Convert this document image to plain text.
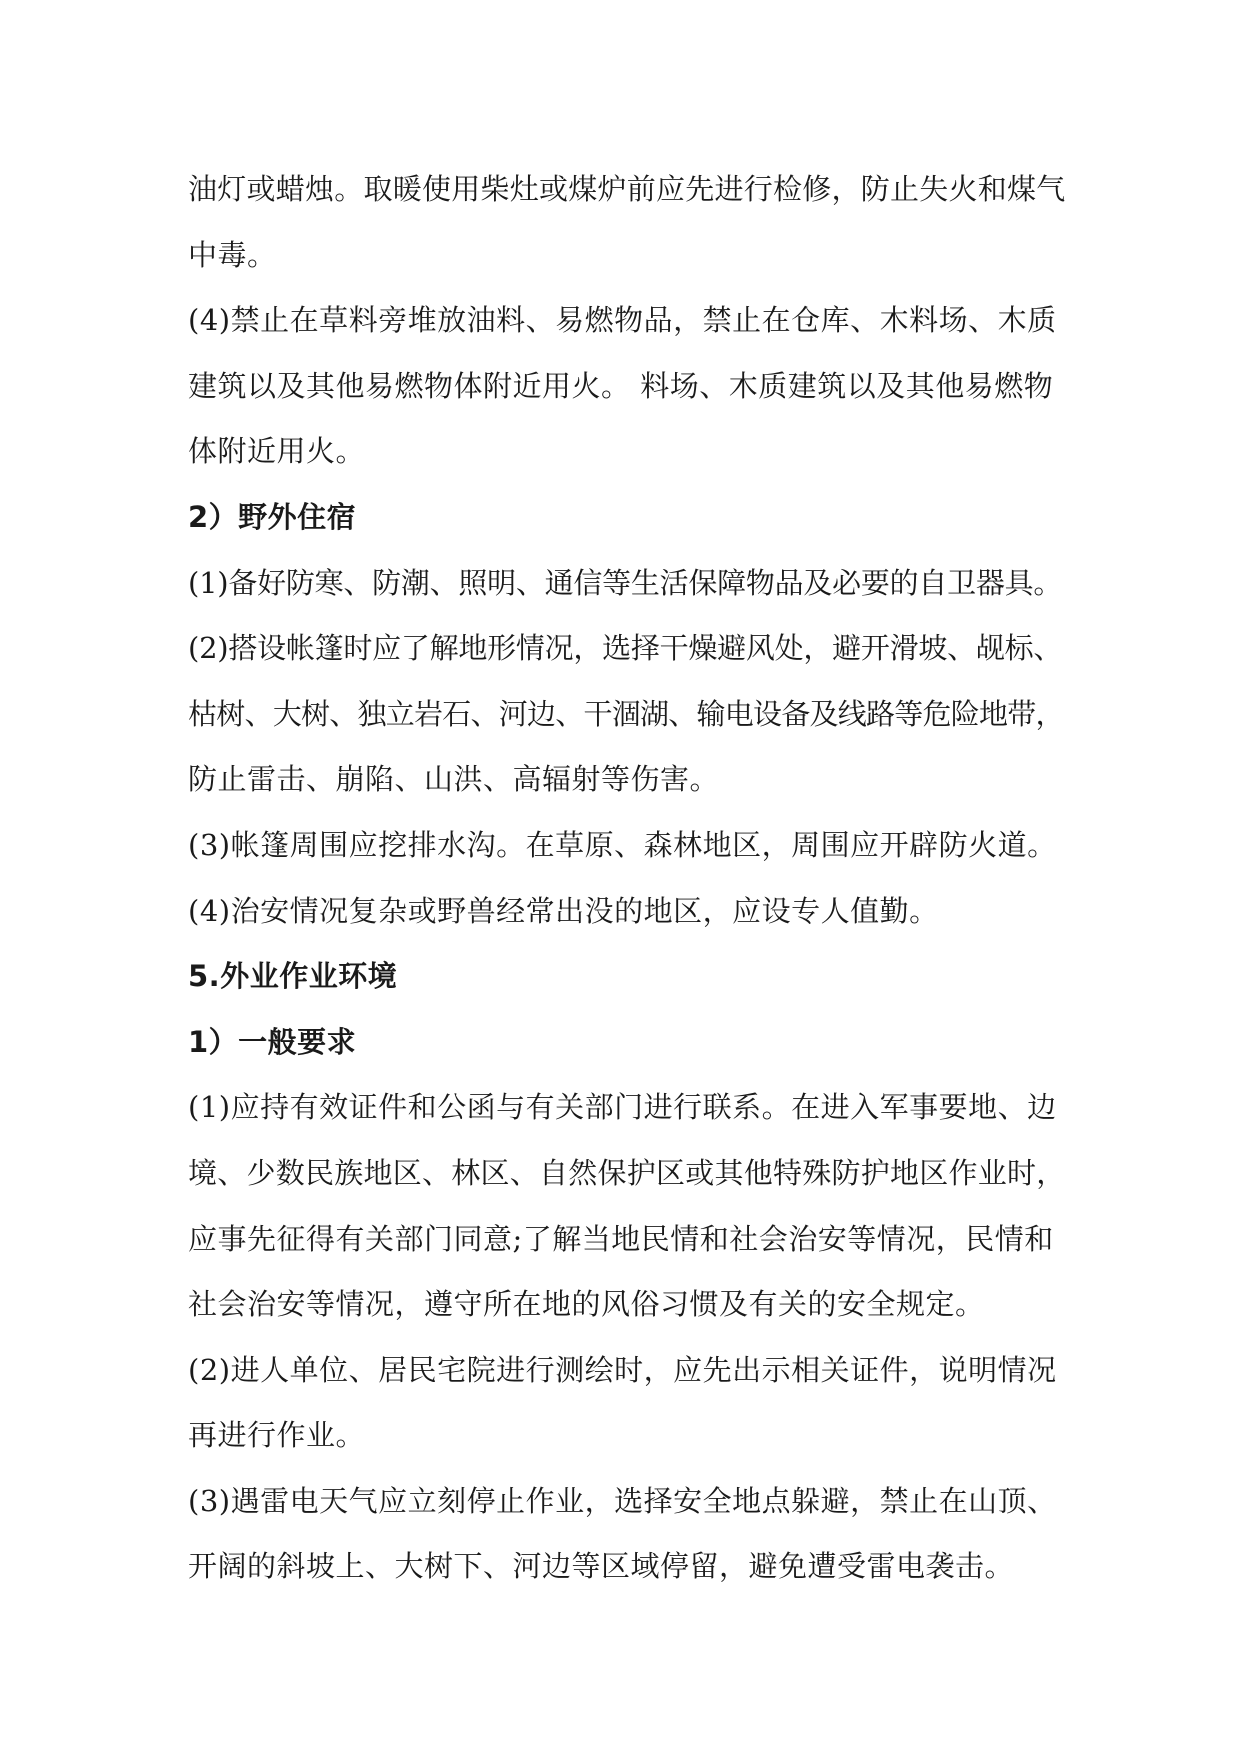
油灯或蜡烛。取暖使用柴灶或煤炉前应先进行检修，防止失火和煤气
中毒。
(4)禁止在草料旁堆放油料、易燃物品，禁止在仓库、木料场、木质
建筑以及其他易燃物体附近用火。 料场、木质建筑以及其他易燃物
体附近用火。
2）野外住宿
(1)备好防寒、防潮、照明、通信等生活保障物品及必要的自卫器具。
(2)搭设帐篷时应了解地形情况，选择干燥避风处，避开滑坡、觇标、
枯树、大树、独立岩石、河边、干涸湖、输电设备及线路等危险地带，
防止雷击、崩陷、山洪、高辐射等伤害。
(3)帐篷周围应挖排水沟。在草原、森林地区，周围应开辟防火道。
(4)治安情况复杂或野兽经常出没的地区，应设专人值勤。
5.外业作业环境
1）一般要求
(1)应持有效证件和公函与有关部门进行联系。在进入军事要地、边
境、少数民族地区、林区、自然保护区或其他特殊防护地区作业时，
应事先征得有关部门同意;了解当地民情和社会治安等情况，民情和
社会治安等情况，遵守所在地的风俗习惯及有关的安全规定。
(2)进人单位、居民宅院进行测绘时，应先出示相关证件，说明情况
再进行作业。
(3)遇雷电天气应立刻停止作业，选择安全地点躲避，禁止在山顶、
开阔的斜坡上、大树下、河边等区域停留，避免遭受雷电袭击。
